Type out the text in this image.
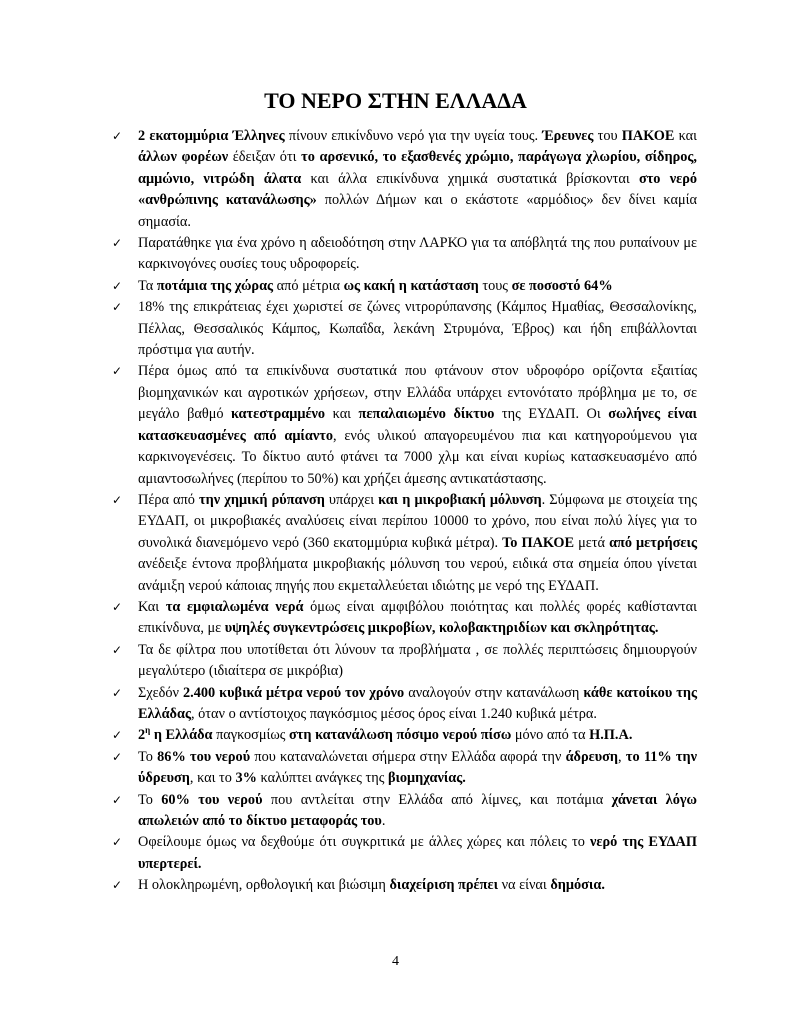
ΤΟ ΝΕΡΟ ΣΤΗΝ ΕΛΛΑΔΑ
✓ 2 εκατομμύρια Έλληνες πίνουν επικίνδυνο νερό για την υγεία τους. Έρευνες του ΠΑΚΟΕ και άλλων φορέων έδειξαν ότι το αρσενικό, το εξασθενές χρώμιο, παράγωγα χλωρίου, σίδηρος, αμμώνιο, νιτρώδη άλατα και άλλα επικίνδυνα χημικά συστατικά βρίσκονται στο νερό «ανθρώπινης κατανάλωσης» πολλών Δήμων και ο εκάστοτε «αρμόδιος» δεν δίνει καμία σημασία.
✓ Παρατάθηκε για ένα χρόνο η αδειοδότηση στην ΛΑΡΚΟ για τα απόβλητά της που ρυπαίνουν με καρκινογόνες ουσίες τους υδροφορείς.
✓ Τα ποτάμια της χώρας από μέτρια ως κακή η κατάσταση τους σε ποσοστό 64%
✓ 18% της επικράτειας έχει χωριστεί σε ζώνες νιτρορύπανσης (Κάμπος Ημαθίας, Θεσσαλονίκης, Πέλλας, Θεσσαλικός Κάμπος, Κωπαΐδα, λεκάνη Στρυμόνα, Έβρος) και ήδη επιβάλλονται πρόστιμα για αυτήν.
✓ Πέρα όμως από τα επικίνδυνα συστατικά που φτάνουν στον υδροφόρο ορίζοντα εξαιτίας βιομηχανικών και αγροτικών χρήσεων, στην Ελλάδα υπάρχει εντονότατο πρόβλημα με το, σε μεγάλο βαθμό κατεστραμμένο και πεπαλαιωμένο δίκτυο της ΕΥΔΑΠ. Οι σωλήνες είναι κατασκευασμένες από αμίαντο, ενός υλικού απαγορευμένου πια και κατηγορούμενου για καρκινογενέσεις. Το δίκτυο αυτό φτάνει τα 7000 χλμ και είναι κυρίως κατασκευασμένο από αμιαντοσωλήνες (περίπου το 50%) και χρήζει άμεσης αντικατάστασης.
✓ Πέρα από την χημική ρύπανση υπάρχει και η μικροβιακή μόλυνση. Σύμφωνα με στοιχεία της ΕΥΔΑΠ, οι μικροβιακές αναλύσεις είναι περίπου 10000 το χρόνο, που είναι πολύ λίγες για το συνολικά διανεμόμενο νερό (360 εκατομμύρια κυβικά μέτρα). Το ΠΑΚΟΕ μετά από μετρήσεις ανέδειξε έντονα προβλήματα μικροβιακής μόλυνση του νερού, ειδικά στα σημεία όπου γίνεται ανάμιξη νερού κάποιας πηγής που εκμεταλλεύεται ιδιώτης με νερό της ΕΥΔΑΠ.
✓ Και τα εμφιαλωμένα νερά όμως είναι αμφιβόλου ποιότητας και πολλές φορές καθίστανται επικίνδυνα, με υψηλές συγκεντρώσεις μικροβίων, κολοβακτηριδίων και σκληρότητας.
✓ Τα δε φίλτρα που υποτίθεται ότι λύνουν τα προβλήματα , σε πολλές περιπτώσεις δημιουργούν μεγαλύτερο (ιδιαίτερα σε μικρόβια)
✓ Σχεδόν 2.400 κυβικά μέτρα νερού τον χρόνο αναλογούν στην κατανάλωση κάθε κατοίκου της Ελλάδας, όταν ο αντίστοιχος παγκόσμιος μέσος όρος είναι 1.240 κυβικά μέτρα.
✓ $2^\eta$ η Ελλάδα παγκοσμίως στη κατανάλωση πόσιμο νερού πίσω μόνο από τα Η.Π.Α.
✓ Το 86% του νερού που καταναλώνεται σήμερα στην Ελλάδα αφορά την άδρευση, το 11% την ύδρευση, και το 3% καλύπτει ανάγκες της βιομηχανίας.
✓ Το 60% του νερού που αντλείται στην Ελλάδα από λίμνες, και ποτάμια χάνεται λόγω απωλειών από το δίκτυο μεταφοράς του.
✓ Οφείλουμε όμως να δεχθούμε ότι συγκριτικά με άλλες χώρες και πόλεις το νερό της ΕΥΔΑΠ υπερτερεί.
✓ Η ολοκληρωμένη, ορθολογική και βιώσιμη διαχείριση πρέπει να είναι δημόσια.
4
